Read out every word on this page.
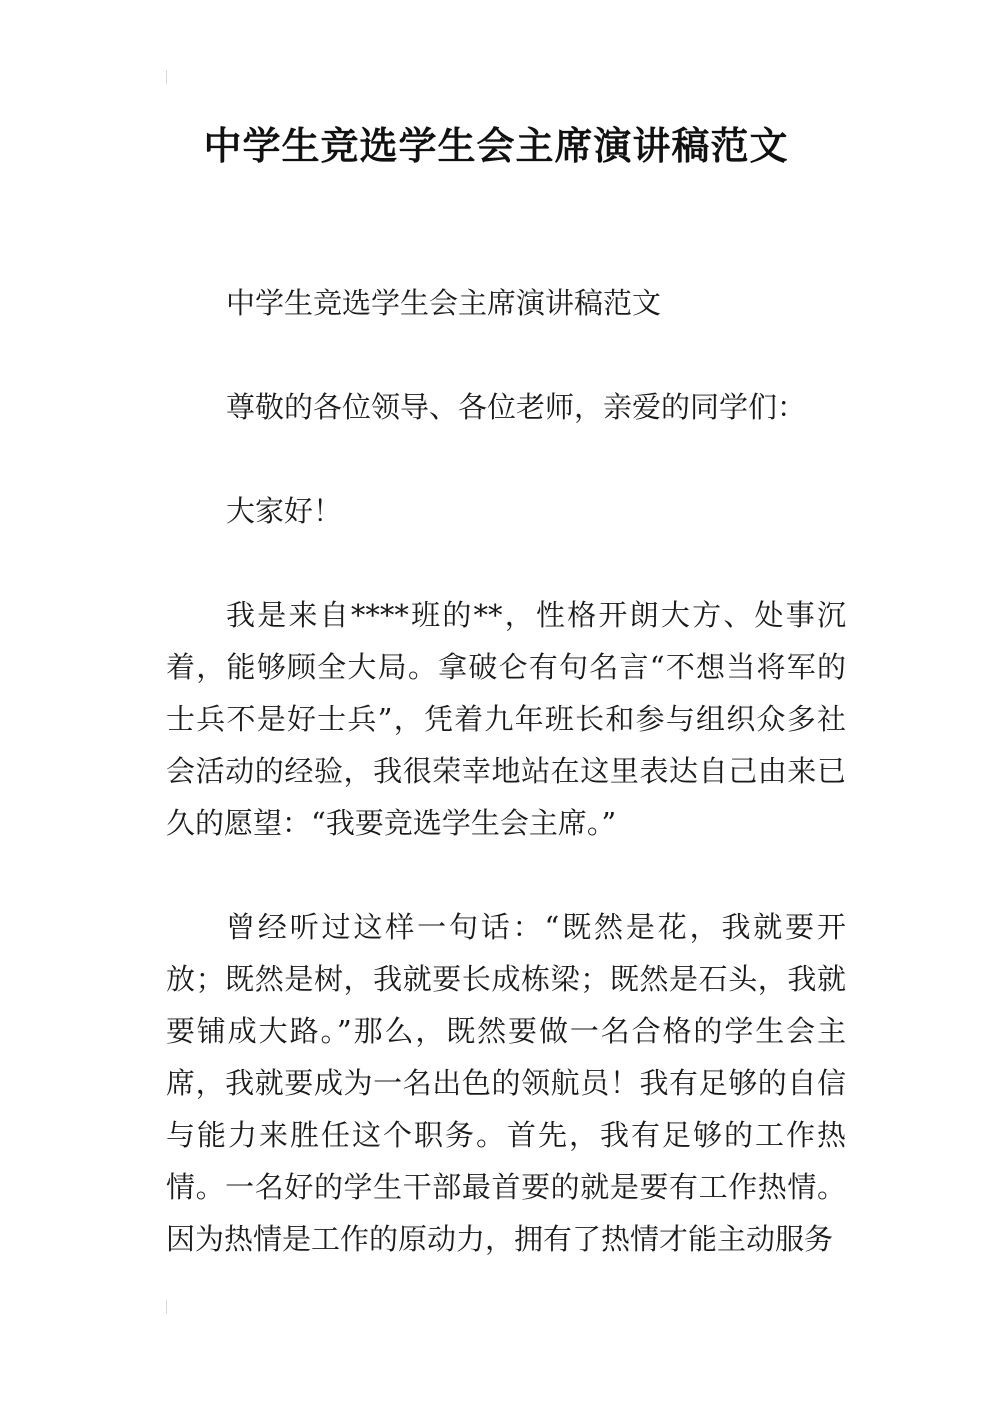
中学生竞选学生会主席演讲稿范文

中学生竞选学生会主席演讲稿范文

尊敬的各位领导、各位老师，亲爱的同学们：

大家好！

我是来自****班的**，性格开朗大方、处事沉着，能够顾全大局。拿破仑有句名言“不想当将军的士兵不是好士兵”，凭着九年班长和参与组织众多社会活动的经验，我很荣幸地站在这里表达自己由来已久的愿望：“我要竞选学生会主席。”

曾经听过这样一句话：“既然是花，我就要开放；既然是树，我就要长成栋梁；既然是石头，我就要铺成大路。”那么，既然要做一名合格的学生会主席，我就要成为一名出色的领航员！我有足够的自信与能力来胜任这个职务。首先，我有足够的工作热情。一名好的学生干部最首要的就是要有工作热情。因为热情是工作的原动力，拥有了热情才能主动服务
